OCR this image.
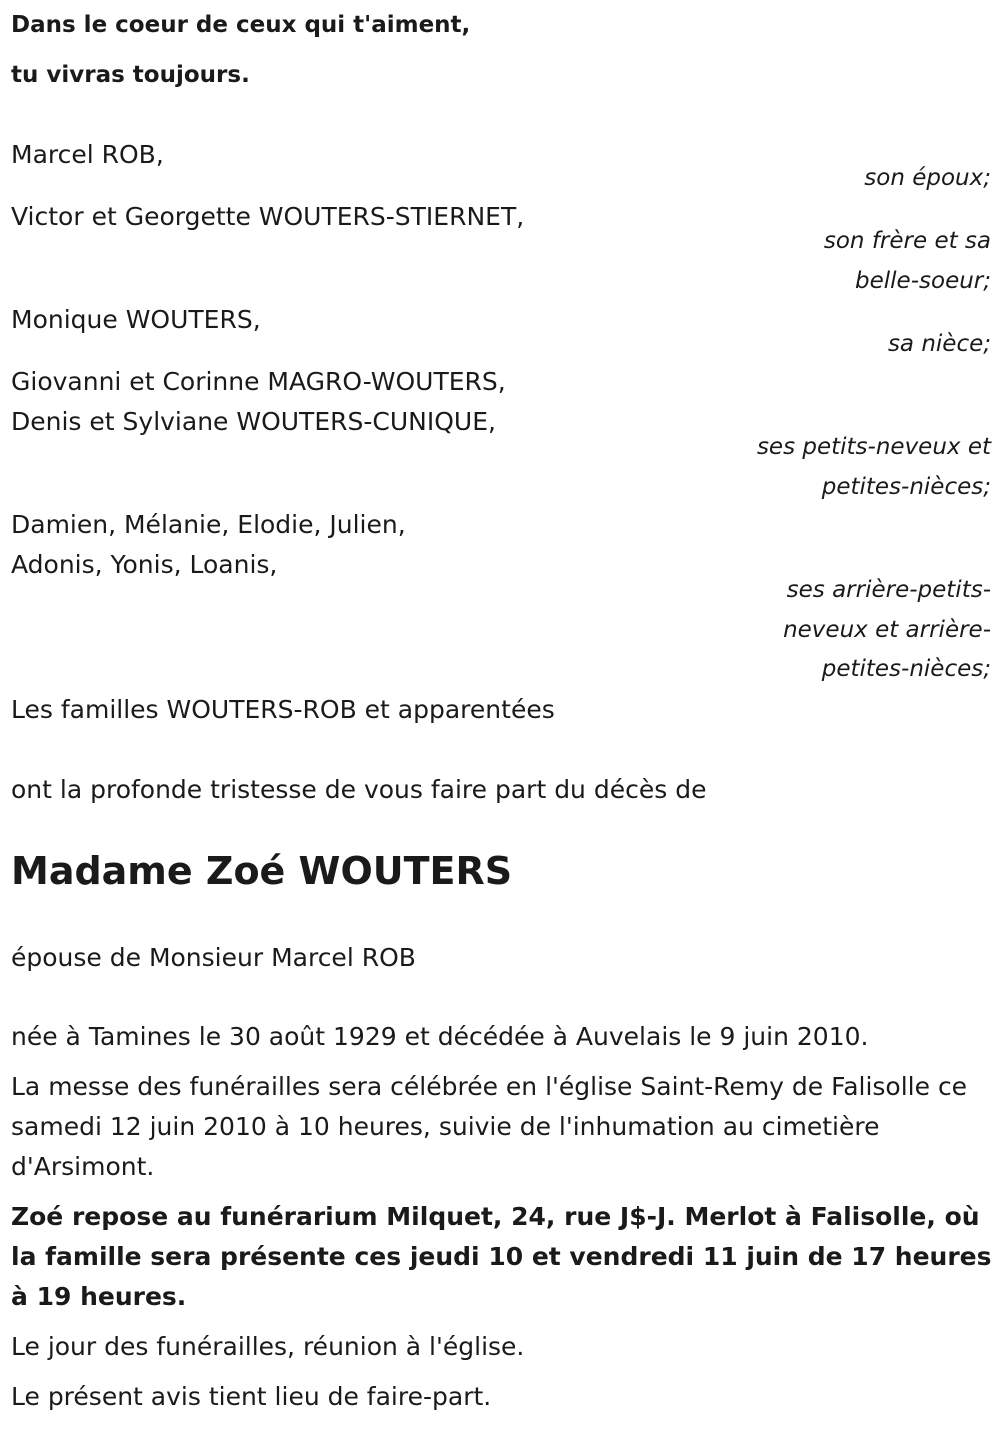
Dans le coeur de ceux qui t'aiment,
tu vivras toujours.
Marcel ROB,
son époux;
Victor et Georgette WOUTERS-STIERNET,
son frère et sa belle-soeur;
Monique WOUTERS,
sa nièce;
Giovanni et Corinne MAGRO-WOUTERS,
Denis et Sylviane WOUTERS-CUNIQUE,
ses petits-neveux et petites-nièces;
Damien, Mélanie, Elodie, Julien,
Adonis, Yonis, Loanis,
ses arrière-petits-neveux et arrière-petites-nièces;
Les familles WOUTERS-ROB et apparentées
ont la profonde tristesse de vous faire part du décès de
Madame Zoé WOUTERS
épouse de Monsieur Marcel ROB
née à Tamines le 30 août 1929 et décédée à Auvelais le 9 juin 2010.
La messe des funérailles sera célébrée en l'église Saint-Remy de Falisolle ce samedi 12 juin 2010 à 10 heures, suivie de l'inhumation au cimetière d'Arsimont.
Zoé repose au funérarium Milquet, 24, rue J$-J. Merlot à Falisolle, où la famille sera présente ces jeudi 10 et vendredi 11 juin de 17 heures à 19 heures.
Le jour des funérailles, réunion à l'église.
Le présent avis tient lieu de faire-part.
